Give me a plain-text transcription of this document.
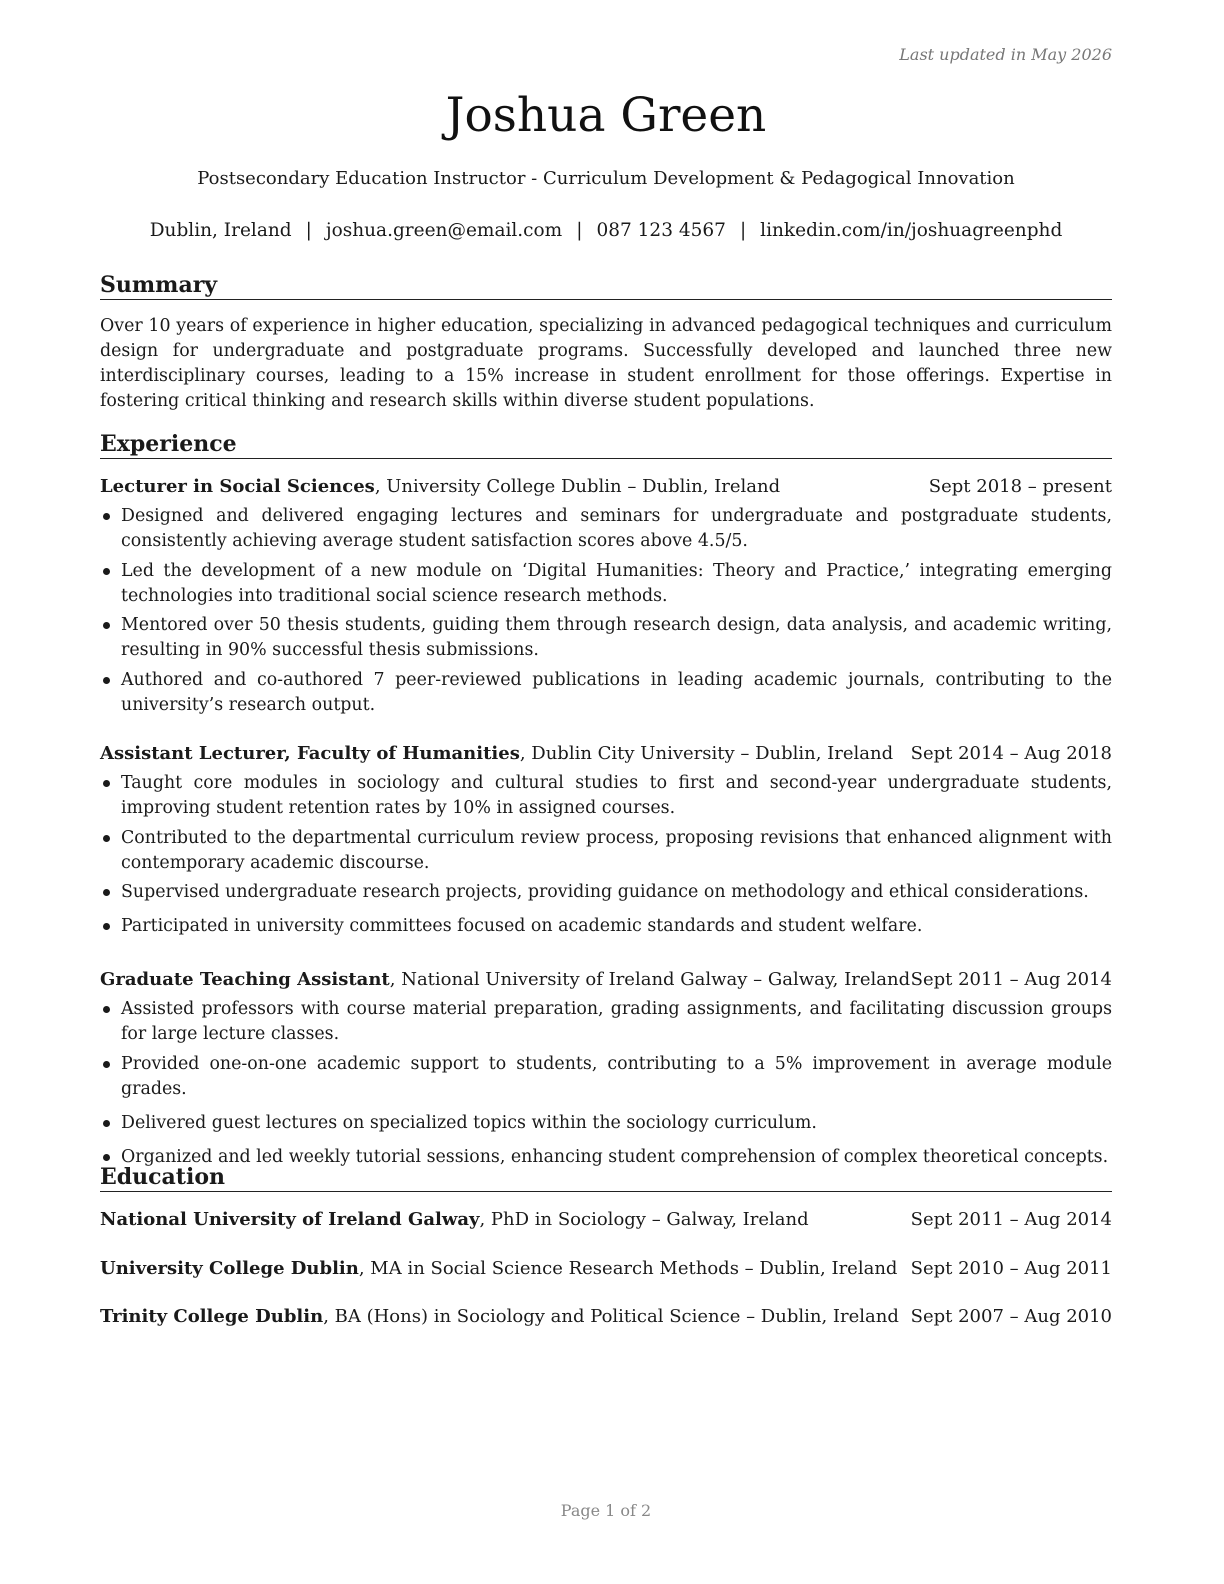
Last updated in May 2026
Joshua Green
Postsecondary Education Instructor - Curriculum Development & Pedagogical Innovation
Dublin, Ireland | joshua.green@email.com | 087 123 4567 | linkedin.com/in/joshuagreenphd
Summary
Over 10 years of experience in higher education, specializing in advanced pedagogical techniques and curriculum design for undergraduate and postgraduate programs. Successfully developed and launched three new interdisciplinary courses, leading to a 15% increase in student enrollment for those offerings. Expertise in fostering critical thinking and research skills within diverse student populations.
Experience
Lecturer in Social Sciences, University College Dublin – Dublin, Ireland	Sept 2018 – present
Designed and delivered engaging lectures and seminars for undergraduate and postgraduate students, consistently achieving average student satisfaction scores above 4.5/5.
Led the development of a new module on ‘Digital Humanities: Theory and Practice,’ integrating emerging technologies into traditional social science research methods.
Mentored over 50 thesis students, guiding them through research design, data analysis, and academic writing, resulting in 90% successful thesis submissions.
Authored and co-authored 7 peer-reviewed publications in leading academic journals, contributing to the university’s research output.
Assistant Lecturer, Faculty of Humanities, Dublin City University – Dublin, Ireland Sept 2014 – Aug 2018
Taught core modules in sociology and cultural studies to first and second-year undergraduate students, improving student retention rates by 10% in assigned courses.
Contributed to the departmental curriculum review process, proposing revisions that enhanced alignment with contemporary academic discourse.
Supervised undergraduate research projects, providing guidance on methodology and ethical considerations.
Participated in university committees focused on academic standards and student welfare.
Graduate Teaching Assistant, National University of Ireland Galway – Galway, Ireland Sept 2011 – Aug 2014
Assisted professors with course material preparation, grading assignments, and facilitating discussion groups for large lecture classes.
Provided one-on-one academic support to students, contributing to a 5% improvement in average module grades.
Delivered guest lectures on specialized topics within the sociology curriculum.
Organized and led weekly tutorial sessions, enhancing student comprehension of complex theoretical concepts.
Education
National University of Ireland Galway, PhD in Sociology – Galway, Ireland	Sept 2011 – Aug 2014
University College Dublin, MA in Social Science Research Methods – Dublin, Ireland Sept 2010 – Aug 2011
Trinity College Dublin, BA (Hons) in Sociology and Political Science – Dublin, Ireland Sept 2007 – Aug 2010
Page 1 of 2
